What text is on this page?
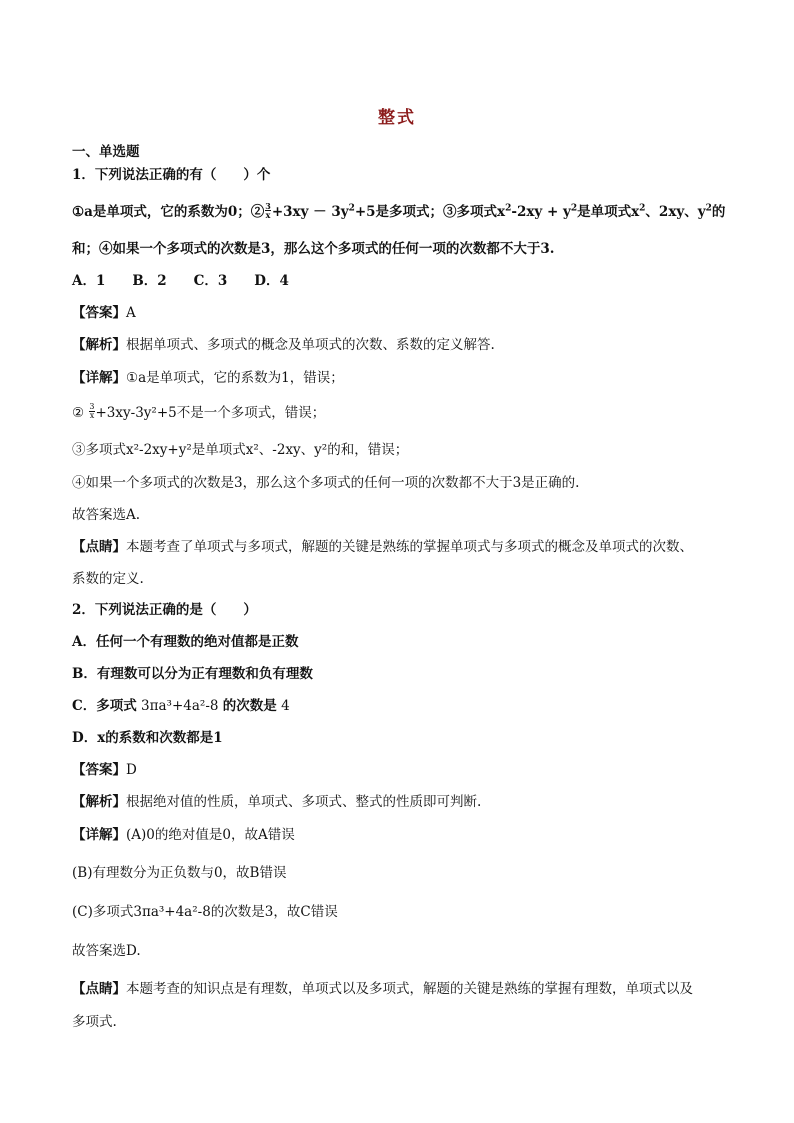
整式
一、单选题
1．下列说法正确的有（　　）个
①a是单项式，它的系数为0；② $\frac{3}{x} +3xy - 3y^2+5$是多项式；③多项式$x^2-2xy + y^2$是单项式$x^2$、2xy、$y^2$的
和；④如果一个多项式的次数是3，那么这个多项式的任何一项的次数都不大于3.
A．1　　B．2　　C．3　　D．4
【答案】A
【解析】根据单项式、多项式的概念及单项式的次数、系数的定义解答.
【详解】①a是单项式，它的系数为1，错误；
② $\frac{3}{x} +3xy-3y^2+5$不是一个多项式，错误；
③多项式x²-2xy+y²是单项式x²、-2xy、y²的和，错误；
④如果一个多项式的次数是3，那么这个多项式的任何一项的次数都不大于3是正确的.
故答案选A.
【点睛】本题考查了单项式与多项式，解题的关键是熟练的掌握单项式与多项式的概念及单项式的次数、
系数的定义.
2．下列说法正确的是（　　）
A．任何一个有理数的绝对值都是正数
B．有理数可以分为正有理数和负有理数
C．多项式 3πa³+4a²-8 的次数是 4
D．x的系数和次数都是1
【答案】D
【解析】根据绝对值的性质，单项式、多项式、整式的性质即可判断.
【详解】(A)0的绝对值是0，故A错误
(B)有理数分为正负数与0，故B错误
(C)多项式3πa³+4a²-8的次数是3，故C错误
故答案选D.
【点睛】本题考查的知识点是有理数，单项式以及多项式，解题的关键是熟练的掌握有理数，单项式以及
多项式.
